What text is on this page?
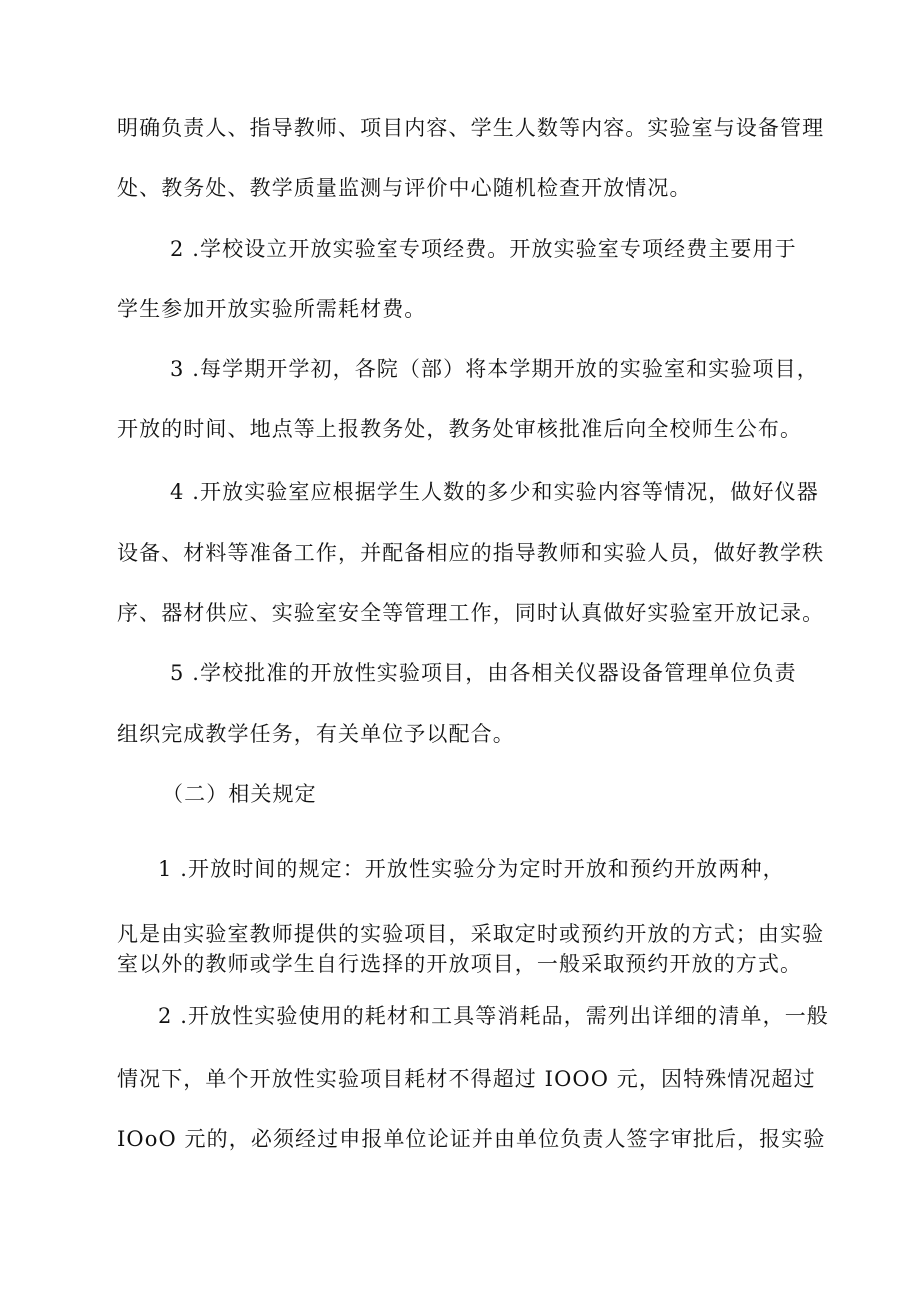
明确负责人、指导教师、项目内容、学生人数等内容。实验室与设备管理
处、教务处、教学质量监测与评价中心随机检查开放情况。
2 .学校设立开放实验室专项经费。开放实验室专项经费主要用于
学生参加开放实验所需耗材费。
3 .每学期开学初，各院（部）将本学期开放的实验室和实验项目，
开放的时间、地点等上报教务处，教务处审核批准后向全校师生公布。
4 .开放实验室应根据学生人数的多少和实验内容等情况，做好仪器
设备、材料等准备工作，并配备相应的指导教师和实验人员，做好教学秩
序、器材供应、实验室安全等管理工作，同时认真做好实验室开放记录。
5 .学校批准的开放性实验项目，由各相关仪器设备管理单位负责
组织完成教学任务，有关单位予以配合。
（二）相关规定
1 .开放时间的规定：开放性实验分为定时开放和预约开放两种，
凡是由实验室教师提供的实验项目，采取定时或预约开放的方式；由实验
室以外的教师或学生自行选择的开放项目，一般采取预约开放的方式。
2 .开放性实验使用的耗材和工具等消耗品，需列出详细的清单，一般
情况下，单个开放性实验项目耗材不得超过 IOOO 元，因特殊情况超过
IOoO 元的，必须经过申报单位论证并由单位负责人签字审批后，报实验
